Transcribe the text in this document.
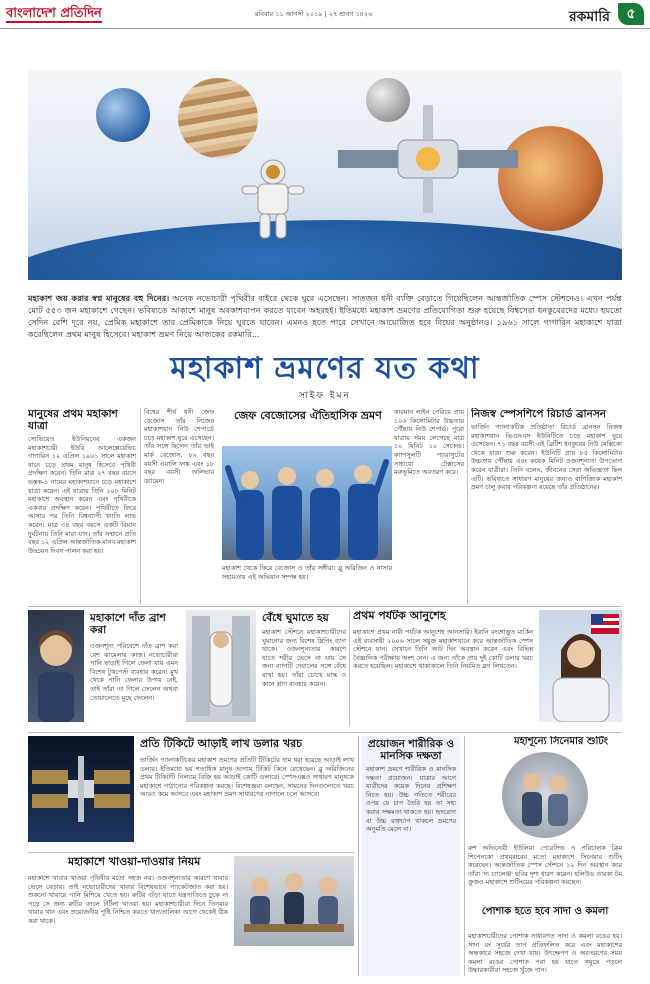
বাংলাদেশ প্রতিদিন	রবিবার ১১ আগস্ট ২০১৯ | ২৭ শ্রাবণ ১৪২৬	রকমারি	৫

মহাকাশ জয় করার স্বপ্ন মানুষের বহু দিনের। অনেক নভোচারী পৃথিবীর বাইরে থেকে ঘুরে এসেছেন। সাতজন ধনী ব্যক্তি বেড়াতে গিয়েছিলেন আন্তর্জাতিক স্পেস স্টেশনেও। এখন পর্যন্ত মোট ৫৫৩ জন মহাকাশে গেছেন। ভবিষ্যতে আকাশে মানুষ অবকাশযাপন করতে যাবেন অহরহই। ইতিমধ্যে মহাকাশ ভ্রমণের প্রতিযোগিতা শুরু হয়েছে বিশ্বসেরা ধনকুবেরদের মধ্যে। হয়তো সেদিন বেশি দূরে নয়, প্রেমিক মহাকাশে তার প্রেমিকাকে নিয়ে ঘুরতে যাবেন। এমনও হতে পারে সেখানে আয়োজিত হবে বিয়ের অনুষ্ঠানও। ১৯৬১ সালে গাগারিন মহাকাশে যাত্রা করেছিলেন প্রথম মানুষ হিসেবে। মহাকাশ ভ্রমণ নিয়ে আজকের রকমারি...

মহাকাশ ভ্রমণের যত কথা
সাইফ ইমন
মানুষের প্রথম মহাকাশ যাত্রা

সোভিয়েত ইউনিয়নের একজন মহাকাশচারী ইউরি আলেক্সেয়েভিচ গাগারিন ১২ এপ্রিল ১৯৬১ সালে মহাকাশ যানে চড়ে প্রথম মানুষ হিসেবে পৃথিবী প্রদক্ষিণ করেন। তিনি মাত্র ২৭ বছর বয়সে ভস্তক-১ নামের মহাকাশযানে চড়ে মহাকাশে যাত্রা করেন। এই যাত্রায় তিনি ১০৮ মিনিট মহাকাশে অবস্থান করেন এবং পৃথিবীকে একবার প্রদক্ষিণ করেন। পৃথিবীতে ফিরে আসার পর তিনি বিশ্বব্যাপী খ্যাতি লাভ করেন। মাত্র ৩৪ বছর বয়সে একটি বিমান দুর্ঘটনায় তিনি মারা যান। তাঁর সম্মানে প্রতি বছর ১২ এপ্রিল আন্তর্জাতিক মানব মহাকাশ উড্ডয়ন দিবস পালন করা হয়।

বিশ্বের শীর্ষ ধনী জেফ বেজোস তাঁর নিজের মহাকাশযান নিউ শেপার্ডে চড়ে মহাকাশ ঘুরে এসেছেন। তাঁর সঙ্গে ছিলেন তাঁর ভাই মার্ক বেজোস, ৮২ বছর বয়সী ওয়ালি ফাঙ্ক এবং ১৮ বছর বয়সী অলিভার ড্যামেন।

জেফ বেজোসের ঐতিহাসিক ভ্রমণ কারমান লাইন পেরিয়ে প্রায় ১০৬ কিলোমিটার উচ্চতায় পৌঁছায় নিউ শেপার্ড। পুরো যাত্রায় সময় লেগেছে মাত্র ১০ মিনিট ১০ সেকেন্ড। ক্যাপসুলটি প্যারাসুটের সাহায্যে টেক্সাসের মরুভূমিতে অবতরণ করে।

মহাকাশ থেকে ফিরে বেজোস ও তাঁর সঙ্গীরা। ব্লু অরিজিন ও নাসার সহায়তায় এই অভিযান সম্পন্ন হয়।

নিজস্ব স্পেসশিপে রিচার্ড ব্রানসন

ভার্জিন গ্যালাকটিক প্রতিষ্ঠাতা রিচার্ড ব্রানসন নিজস্ব মহাকাশযান ভিএসএস ইউনিটিতে চড়ে মহাকাশ ঘুরে এসেছেন। ৭১ বছর বয়সী এই ব্রিটিশ ধনকুবের নিউ মেক্সিকো থেকে যাত্রা শুরু করেন। ইউনিটি প্রায় ৮৫ কিলোমিটার উচ্চতায় পৌঁছায় এবং কয়েক মিনিট ওজনশূন্যতা উপভোগ করেন যাত্রীরা। তিনি বলেন, জীবনের সেরা অভিজ্ঞতা ছিল এটি। ভবিষ্যতে সাধারণ মানুষের জন্যও বাণিজ্যিক মহাকাশ ভ্রমণ চালু করার পরিকল্পনা রয়েছে তাঁর প্রতিষ্ঠানের।

মহাকাশে দাঁত ব্রাশ করা

ওজনশূন্য পরিবেশে দাঁত ব্রাশ করা বেশ ঝামেলার কাজ। নভোচারীরা পানি ছাড়াই গিলে ফেলা যায় এমন বিশেষ টুথপেস্ট ব্যবহার করেন। মুখ থেকে পানি ফেলার উপায় নেই, তাই তাঁরা তা গিলে ফেলেন অথবা তোয়ালেতে মুছে ফেলেন।

বেঁধে ঘুমাতে হয়

মহাকাশ স্টেশনে মহাকাশচারীদের ঘুমানোর জন্য বিশেষ স্লিপিং ব্যাগ থাকে। ওজনশূন্যতার কারণে যাতে শরীর ভেসে না যায় সে জন্য ব্যাগটি দেয়ালের সঙ্গে বেঁধে রাখা হয়। তাঁরা চোখে মাস্ক ও কানে প্লাগ ব্যবহার করেন।

প্রথম পর্যটক আনুশেহ

মহাকাশে প্রথম নারী পর্যটক আনুশেহ আনসারি। ইরানি বংশোদ্ভূত মার্কিন এই ব্যবসায়ী ২০০৬ সালে সয়ুজ মহাকাশযানে করে আন্তর্জাতিক স্পেস স্টেশনে যান। সেখানে তিনি আট দিন অবস্থান করেন এবং বিভিন্ন বৈজ্ঞানিক পরীক্ষায় অংশ নেন। এ জন্য তাঁকে প্রায় দুই কোটি ডলার খরচ করতে হয়েছিল। মহাকাশে থাকাকালে তিনি নিয়মিত ব্লগ লিখতেন।

প্রতি টিকিটে আড়াই লাখ ডলার খরচ

ভার্জিন গ্যালাকটিকের মহাকাশ ভ্রমণের প্রতিটি টিকিটের দাম ধরা হয়েছে আড়াই লাখ ডলার। ইতিমধ্যে ছয় শতাধিক মানুষ আগাম টিকিট কিনে রেখেছেন। ব্লু অরিজিনের প্রথম টিকিটটি নিলামে বিক্রি হয় আড়াই কোটি ডলারে। স্পেসএক্সও সাধারণ মানুষকে মহাকাশে পাঠানোর পরিকল্পনা করছে। বিশেষজ্ঞরা বলছেন, সামনের দিনগুলোতে খরচ আরও কমে আসবে এবং মহাকাশ ভ্রমণ সাধারণের নাগালে চলে আসবে।

প্রয়োজন শারীরিক ও মানসিক দক্ষতা

মহাকাশ ভ্রমণে শারীরিক ও মানসিক দক্ষতা প্রয়োজন। যাত্রার আগে যাত্রীদের কয়েক দিনের প্রশিক্ষণ নিতে হয়। উচ্চ গতিতে শরীরের ওপর যে চাপ তৈরি হয় তা সহ্য করার সক্ষমতা থাকতে হয়। হৃদরোগ বা উচ্চ রক্তচাপ থাকলে ভ্রমণের অনুমতি মেলে না।

মহাশূন্যে সিনেমার শুটিং

রুশ অভিনেত্রী ইউলিয়া পেরেসিল্ড ও পরিচালক ক্লিম শিপেনকো প্রথমবারের মতো মহাকাশে সিনেমার শুটিং করেছেন। আন্তর্জাতিক স্পেস স্টেশনে ১২ দিন অবস্থান করে তাঁরা 'দ্য চ্যালেঞ্জ' ছবির দৃশ্য ধারণ করেন। হলিউড তারকা টম ক্রুজও মহাকাশে শুটিংয়ের পরিকল্পনা করছেন।

পোশাক হতে হবে সাদা ও কমলা

মহাকাশচারীদের পোশাক সাধারণত সাদা ও কমলা রঙের হয়। সাদা রং সূর্যের তাপ প্রতিফলিত করে এবং মহাকাশের অন্ধকারে সহজে দেখা যায়। উৎক্ষেপণ ও অবতরণের সময় কমলা রঙের পোশাক পরা হয় যাতে সমুদ্রে পড়লে উদ্ধারকারীরা সহজে খুঁজে পান।

মহাকাশে খাওয়া-দাওয়ার নিয়ম

মহাকাশে খাবার খাওয়া পৃথিবীর মতো সহজ নয়। ওজনশূন্যতার কারণে খাবার ভেসে বেড়ায়। তাই নভোচারীদের খাবার বিশেষভাবে প্যাকেটজাত করা হয়। শুকনো খাবারে পানি মিশিয়ে খেতে হয়। রুটির গুঁড়া যাতে যন্ত্রপাতিতে ঢুকে না পড়ে সে জন্য রুটির বদলে টর্টিলা খাওয়া হয়। মহাকাশচারীরা দিনে তিনবার খাবার খান এবং প্রয়োজনীয় পুষ্টি নিশ্চিত করতে খাদ্যতালিকা আগে থেকেই ঠিক করা থাকে।
